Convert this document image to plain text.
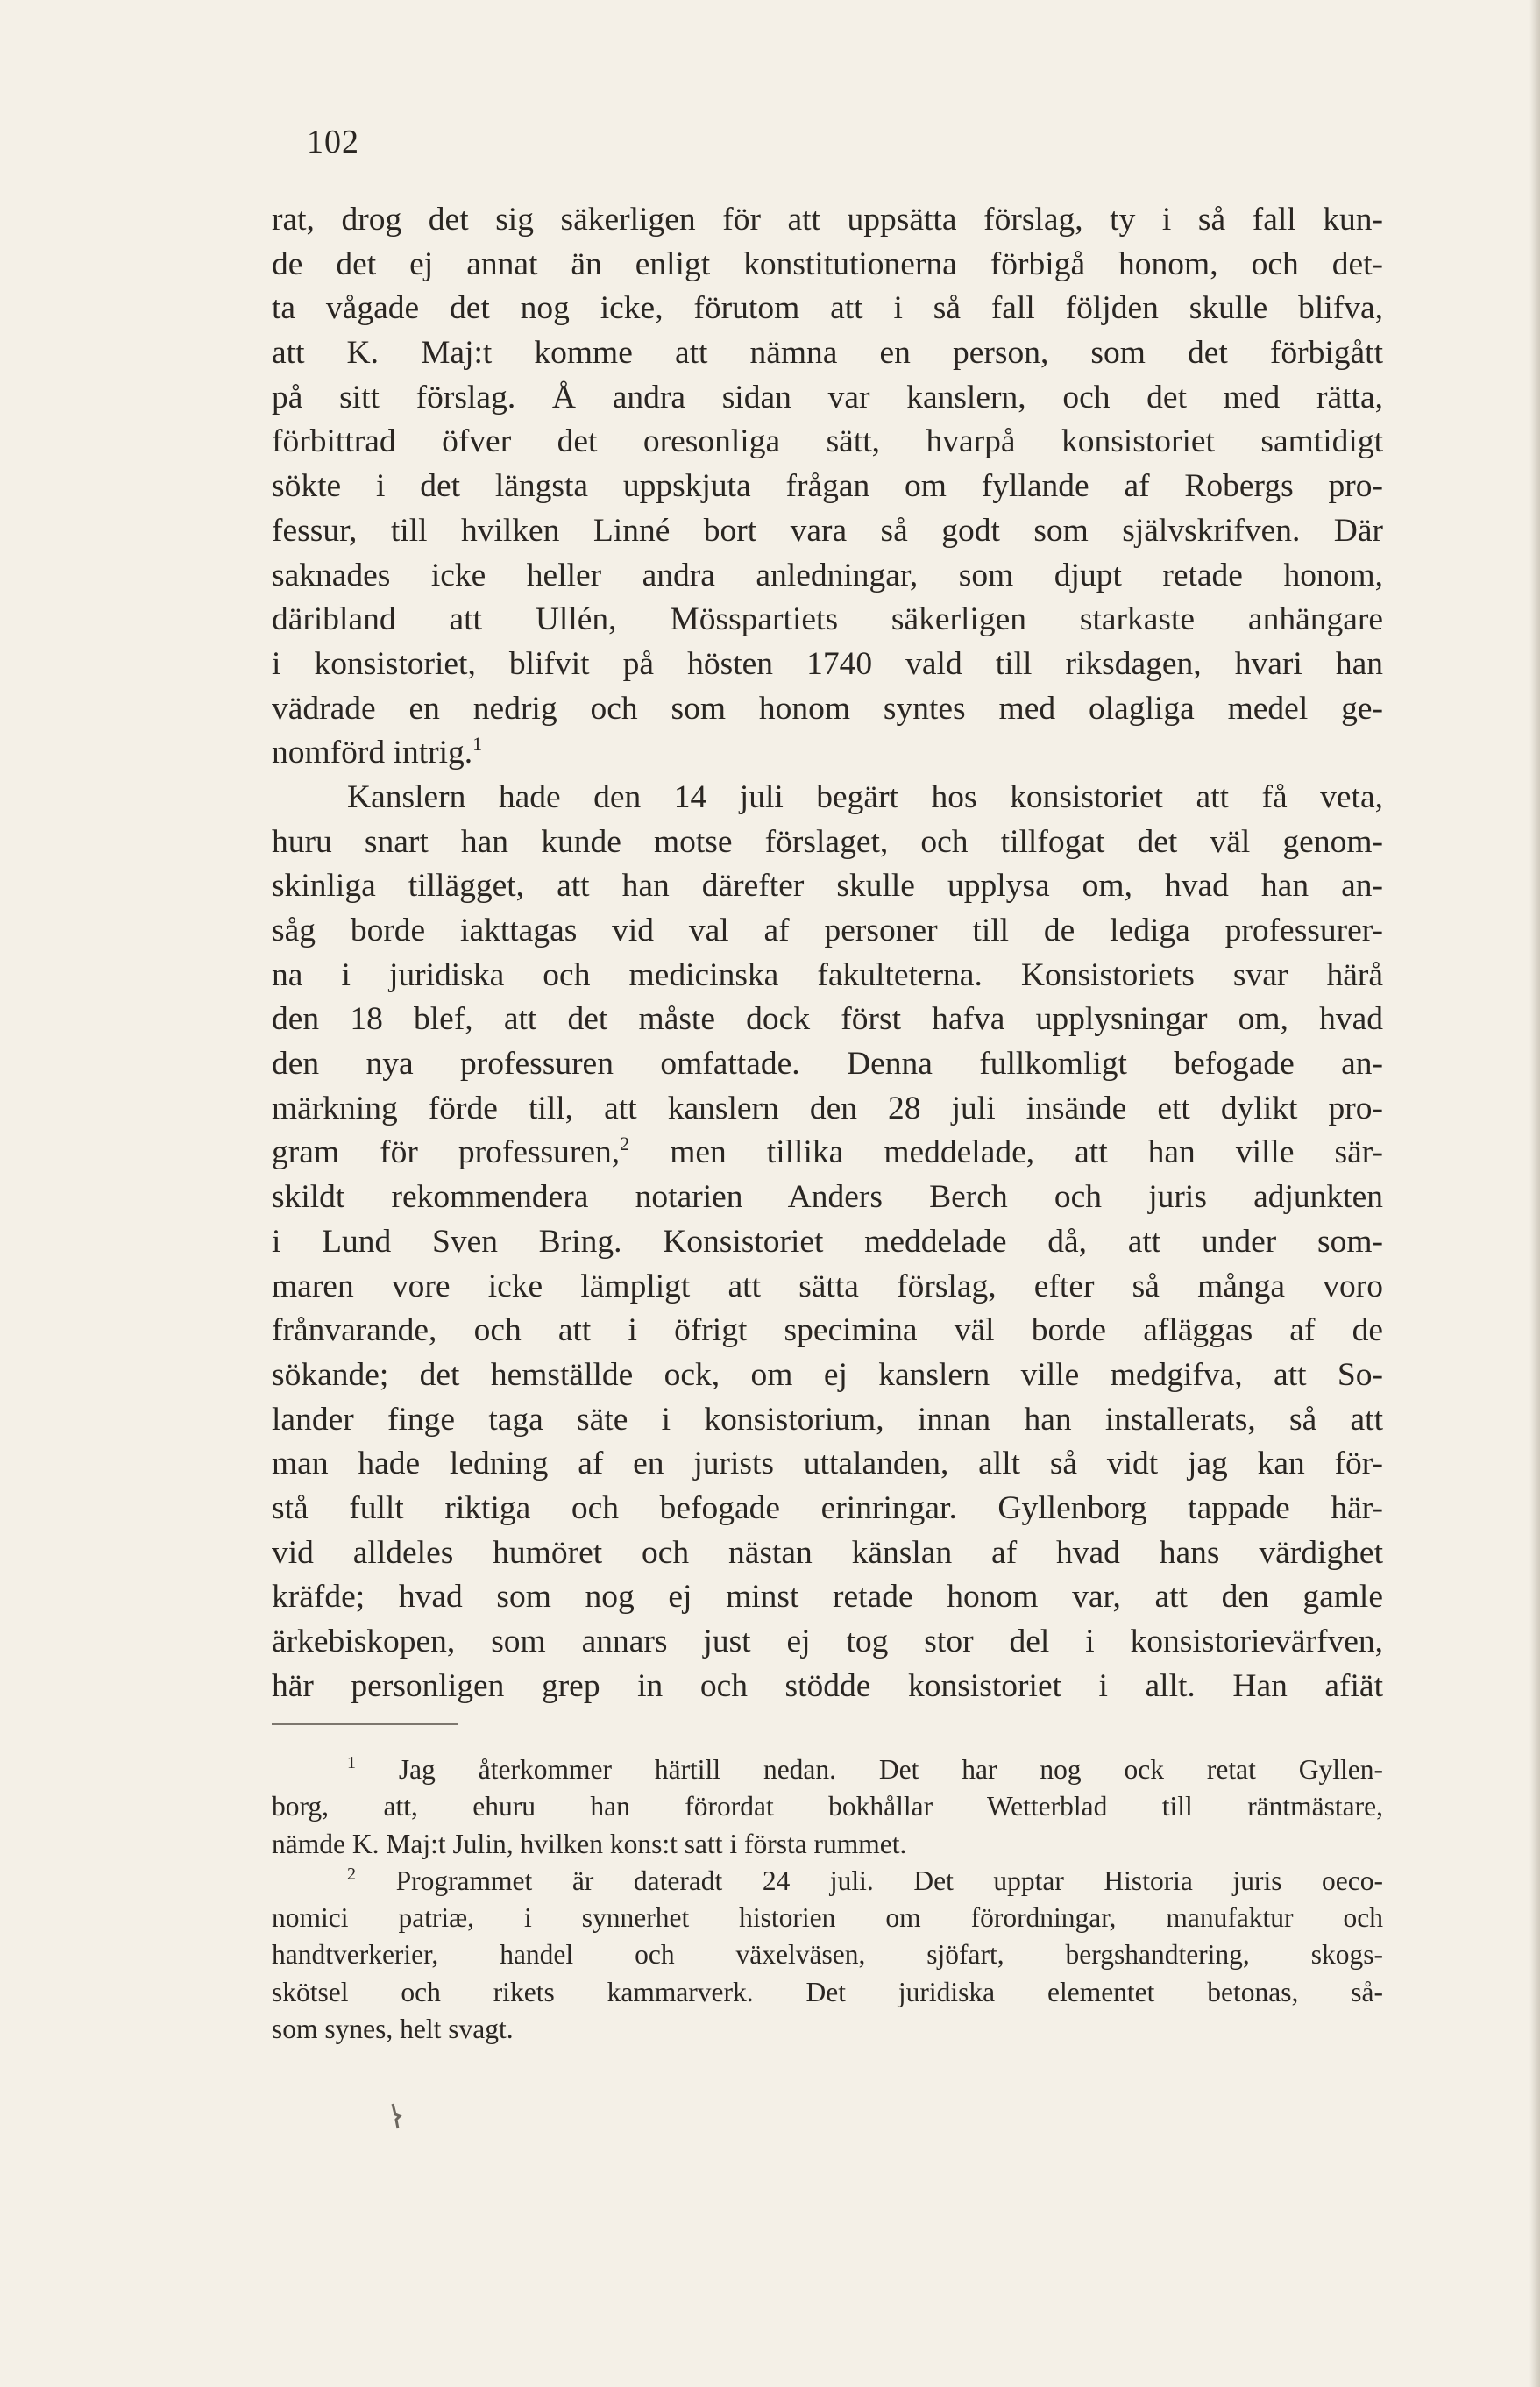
102
rat, drog det sig säkerligen för att uppsätta förslag, ty i så fall kun-
de det ej annat än enligt konstitutionerna förbigå honom, och det-
ta vågade det nog icke, förutom att i så fall följden skulle blifva,
att K. Maj:t komme att nämna en person, som det förbigått
på sitt förslag. Å andra sidan var kanslern, och det med rätta,
förbittrad öfver det oresonliga sätt, hvarpå konsistoriet samtidigt
sökte i det längsta uppskjuta frågan om fyllande af Robergs pro-
fessur, till hvilken Linné bort vara så godt som självskrifven. Där
saknades icke heller andra anledningar, som djupt retade honom,
däribland att Ullén, Mösspartiets säkerligen starkaste anhängare
i konsistoriet, blifvit på hösten 1740 vald till riksdagen, hvari han
vädrade en nedrig och som honom syntes med olagliga medel ge-
nomförd intrig.$^1$
Kanslern hade den 14 juli begärt hos konsistoriet att få veta,
huru snart han kunde motse förslaget, och tillfogat det väl genom-
skinliga tillägget, att han därefter skulle upplysa om, hvad han an-
såg borde iakttagas vid val af personer till de lediga professurer-
na i juridiska och medicinska fakulteterna. Konsistoriets svar härå
den 18 blef, att det måste dock först hafva upplysningar om, hvad
den nya professuren omfattade. Denna fullkomligt befogade an-
märkning förde till, att kanslern den 28 juli insände ett dylikt pro-
gram för professuren,$^2$ men tillika meddelade, att han ville sär-
skildt rekommendera notarien Anders Berch och juris adjunkten
i Lund Sven Bring. Konsistoriet meddelade då, att under som-
maren vore icke lämpligt att sätta förslag, efter så många voro
frånvarande, och att i öfrigt specimina väl borde afläggas af de
sökande; det hemställde ock, om ej kanslern ville medgifva, att So-
lander finge taga säte i konsistorium, innan han installerats, så att
man hade ledning af en jurists uttalanden, allt så vidt jag kan för-
stå fullt riktiga och befogade erinringar. Gyllenborg tappade här-
vid alldeles humöret och nästan känslan af hvad hans värdighet
kräfde; hvad som nog ej minst retade honom var, att den gamle
ärkebiskopen, som annars just ej tog stor del i konsistorievärfven,
här personligen grep in och stödde konsistoriet i allt. Han afiät
$^1$ Jag återkommer härtill nedan. Det har nog ock retat Gyllen-
borg, att, ehuru han förordat bokhållar Wetterblad till räntmästare,
nämde K. Maj:t Julin, hvilken kons:t satt i första rummet.
$^2$ Programmet är dateradt 24 juli. Det upptar Historia juris oeco-
nomici patriæ, i synnerhet historien om förordningar, manufaktur och
handtverkerier, handel och växelväsen, sjöfart, bergshandtering, skogs-
skötsel och rikets kammarverk. Det juridiska elementet betonas, så-
som synes, helt svagt.
